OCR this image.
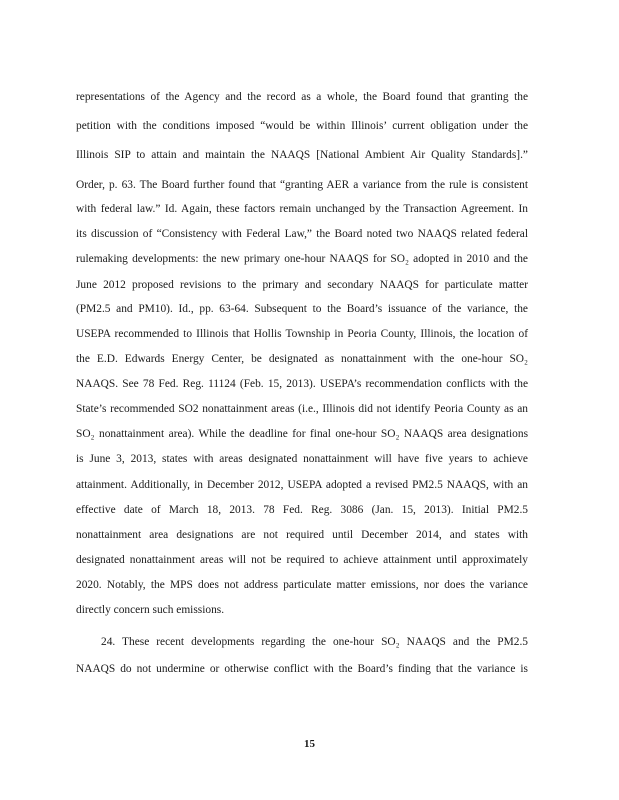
representations of the Agency and the record as a whole, the Board found that granting the
petition with the conditions imposed “would be within Illinois’ current obligation under the
Illinois SIP to attain and maintain the NAAQS [National Ambient Air Quality Standards].”
Order, p. 63. The Board further found that “granting AER a variance from the rule is consistent
with federal law.” Id. Again, these factors remain unchanged by the Transaction Agreement. In
its discussion of “Consistency with Federal Law,” the Board noted two NAAQS related federal
rulemaking developments: the new primary one-hour NAAQS for SO₂ adopted in 2010 and the
June 2012 proposed revisions to the primary and secondary NAAQS for particulate matter
(PM2.5 and PM10). Id., pp. 63-64. Subsequent to the Board’s issuance of the variance, the
USEPA recommended to Illinois that Hollis Township in Peoria County, Illinois, the location of
the E.D. Edwards Energy Center, be designated as nonattainment with the one-hour SO₂
NAAQS. See 78 Fed. Reg. 11124 (Feb. 15, 2013). USEPA’s recommendation conflicts with the
State’s recommended SO2 nonattainment areas (i.e., Illinois did not identify Peoria County as an
SO₂ nonattainment area). While the deadline for final one-hour SO₂ NAAQS area designations
is June 3, 2013, states with areas designated nonattainment will have five years to achieve
attainment. Additionally, in December 2012, USEPA adopted a revised PM2.5 NAAQS, with an
effective date of March 18, 2013. 78 Fed. Reg. 3086 (Jan. 15, 2013). Initial PM2.5
nonattainment area designations are not required until December 2014, and states with
designated nonattainment areas will not be required to achieve attainment until approximately
2020. Notably, the MPS does not address particulate matter emissions, nor does the variance
directly concern such emissions.
24. These recent developments regarding the one-hour SO₂ NAAQS and the PM2.5
NAAQS do not undermine or otherwise conflict with the Board’s finding that the variance is
15
